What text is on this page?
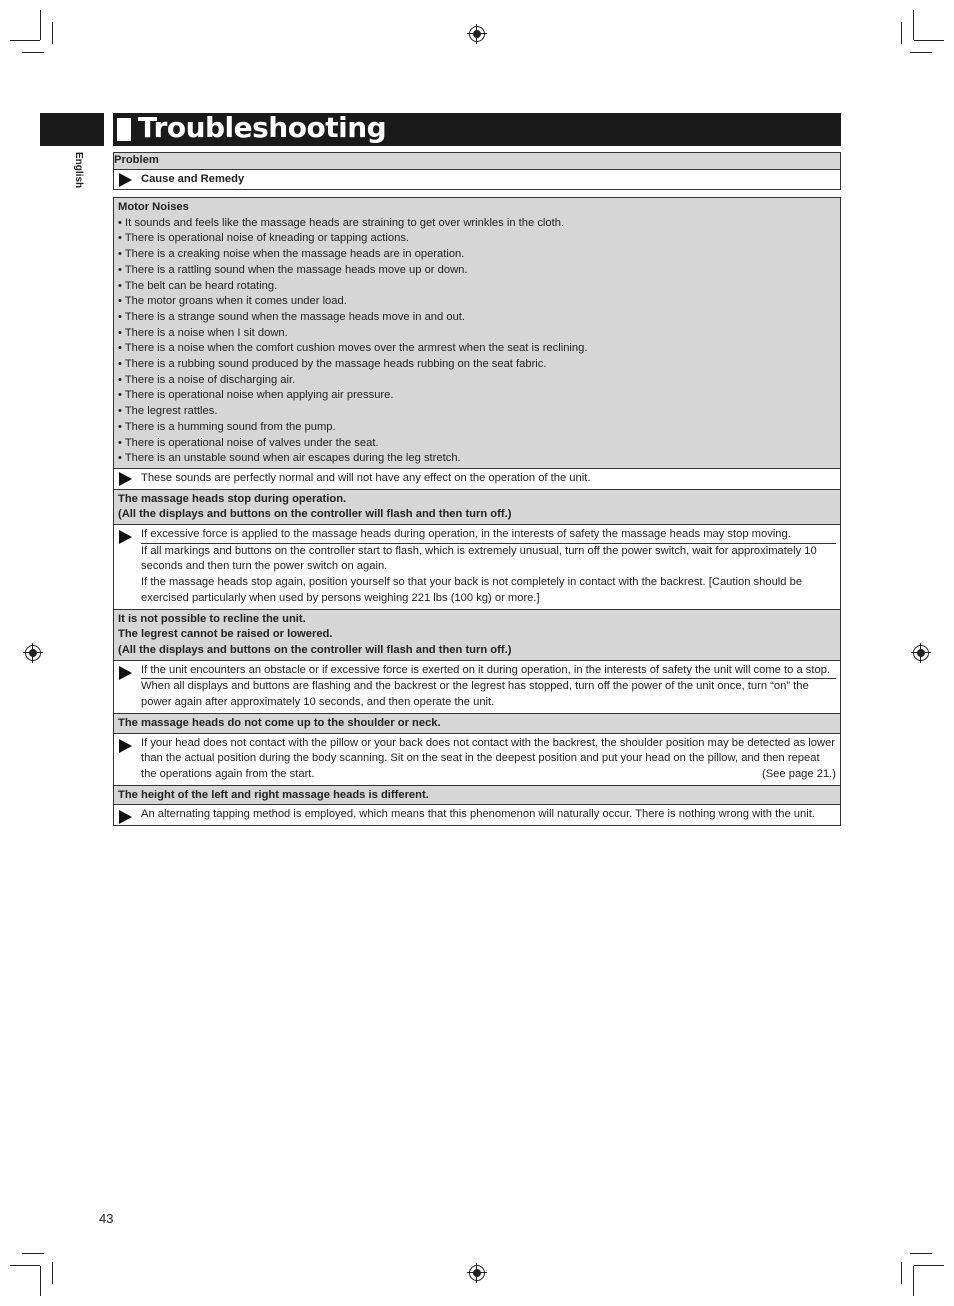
Troubleshooting
English	Problem

Cause and Remedy
Motor Noises
• It sounds and feels like the massage heads are straining to get over wrinkles in the cloth.
• There is operational noise of kneading or tapping actions.
• There is a creaking noise when the massage heads are in operation.
• There is a rattling sound when the massage heads move up or down.
• The belt can be heard rotating.
• The motor groans when it comes under load.
• There is a strange sound when the massage heads move in and out.
• There is a noise when I sit down.
• There is a noise when the comfort cushion moves over the armrest when the seat is reclining.
• There is a rubbing sound produced by the massage heads rubbing on the seat fabric.
• There is a noise of discharging air.
• There is operational noise when applying air pressure.
• The legrest rattles.
• There is a humming sound from the pump.
• There is operational noise of valves under the seat.
• There is an unstable sound when air escapes during the leg stretch.

These sounds are perfectly normal and will not have any effect on the operation of the unit.

The massage heads stop during operation.
(All the displays and buttons on the controller will flash and then turn off.)

If excessive force is applied to the massage heads during operation, in the interests of safety the massage heads may stop moving.
If all markings and buttons on the controller start to flash, which is extremely unusual, turn off the power switch, wait for approximately 10 seconds and then turn the power switch on again.
If the massage heads stop again, position yourself so that your back is not completely in contact with the backrest. [Caution should be exercised particularly when used by persons weighing 221 lbs (100 kg) or more.]

It is not possible to recline the unit.
The legrest cannot be raised or lowered.
(All the displays and buttons on the controller will flash and then turn off.)

If the unit encounters an obstacle or if excessive force is exerted on it during operation, in the interests of safety the unit will come to a stop.
When all displays and buttons are flashing and the backrest or the legrest has stopped, turn off the power of the unit once, turn “on” the power again after approximately 10 seconds, and then operate the unit.

The massage heads do not come up to the shoulder or neck.

If your head does not contact with the pillow or your back does not contact with the backrest, the shoulder position may be detected as lower than the actual position during the body scanning. Sit on the seat in the deepest position and put your head on the pillow, and then repeat the operations again from the start.	(See page 21.)

The height of the left and right massage heads is different.

An alternating tapping method is employed, which means that this phenomenon will naturally occur. There is nothing wrong with the unit.
43
